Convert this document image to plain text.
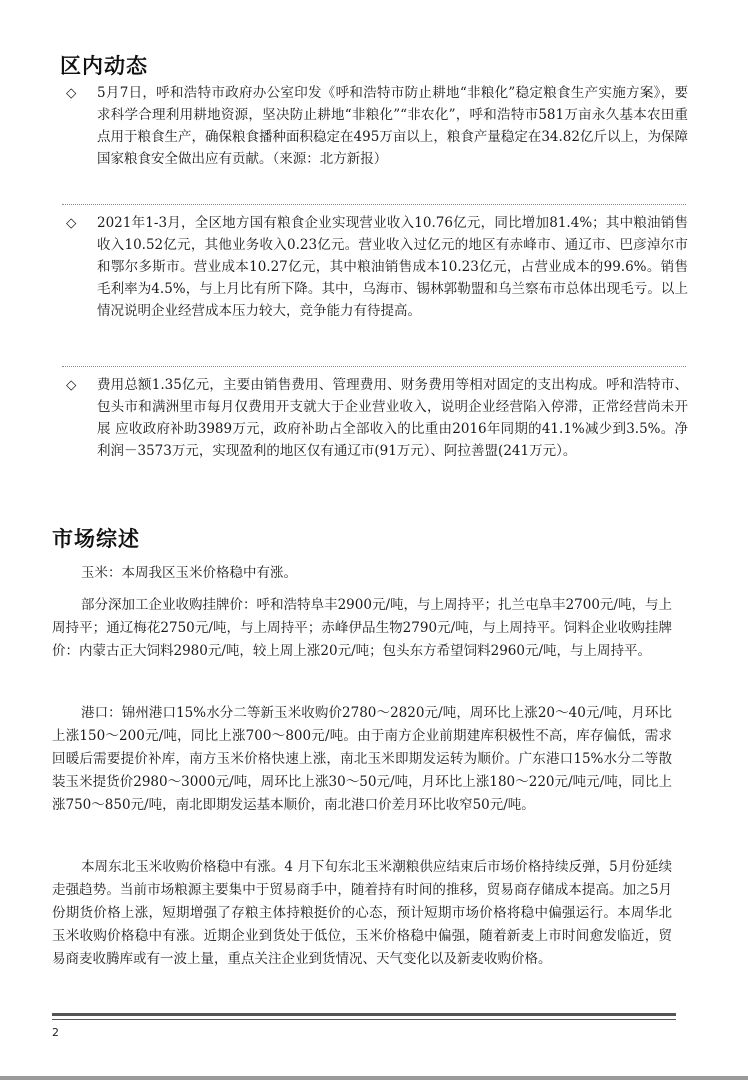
区内动态
◇ 5月7日，呼和浩特市政府办公室印发《呼和浩特市防止耕地“非粮化”稳定粮食生产实施方案》，要求科学合理利用耕地资源，坚决防止耕地“非粮化”“非农化”，呼和浩特市581万亩永久基本农田重点用于粮食生产，确保粮食播种面积稳定在495万亩以上，粮食产量稳定在34.82亿斤以上，为保障国家粮食安全做出应有贡献。（来源：北方新报）
◇ 2021年1-3月，全区地方国有粮食企业实现营业收入10.76亿元，同比增加81.4%；其中粮油销售收入10.52亿元，其他业务收入0.23亿元。营业收入过亿元的地区有赤峰市、通辽市、巴彦淖尔市和鄂尔多斯市。营业成本10.27亿元，其中粮油销售成本10.23亿元，占营业成本的99.6%。销售毛利率为4.5%，与上月比有所下降。其中，乌海市、锡林郭勒盟和乌兰察布市总体出现毛亏。以上情况说明企业经营成本压力较大，竞争能力有待提高。
◇ 费用总额1.35亿元，主要由销售费用、管理费用、财务费用等相对固定的支出构成。呼和浩特市、包头市和满洲里市每月仅费用开支就大于企业营业收入，说明企业经营陷入停滞，正常经营尚未开展 应收政府补助3989万元，政府补助占全部收入的比重由2016年同期的41.1%减少到3.5%。净利润－3573万元，实现盈利的地区仅有通辽市(91万元）、阿拉善盟(241万元）。
市场综述
玉米：本周我区玉米价格稳中有涨。
部分深加工企业收购挂牌价：呼和浩特阜丰2900元/吨，与上周持平；扎兰屯阜丰2700元/吨，与上周持平；通辽梅花2750元/吨，与上周持平；赤峰伊品生物2790元/吨，与上周持平。饲料企业收购挂牌价：内蒙古正大饲料2980元/吨，较上周上涨20元/吨；包头东方希望饲料2960元/吨，与上周持平。
港口：锦州港口15%水分二等新玉米收购价2780～2820元/吨，周环比上涨20～40元/吨，月环比上涨150～200元/吨，同比上涨700～800元/吨。由于南方企业前期建库积极性不高，库存偏低，需求回暖后需要提价补库，南方玉米价格快速上涨，南北玉米即期发运转为顺价。广东港口15%水分二等散装玉米提货价2980～3000元/吨，周环比上涨30～50元/吨，月环比上涨180～220元/吨元/吨，同比上涨750～850元/吨，南北即期发运基本顺价，南北港口价差月环比收窄50元/吨。
本周东北玉米收购价格稳中有涨。4 月下旬东北玉米潮粮供应结束后市场价格持续反弹，5月份延续走强趋势。当前市场粮源主要集中于贸易商手中，随着持有时间的推移，贸易商存储成本提高。加之5月份期货价格上涨，短期增强了存粮主体持粮挺价的心态，预计短期市场价格将稳中偏强运行。本周华北玉米收购价格稳中有涨。近期企业到货处于低位，玉米价格稳中偏强，随着新麦上市时间愈发临近，贸易商麦收腾库或有一波上量，重点关注企业到货情况、天气变化以及新麦收购价格。
2
